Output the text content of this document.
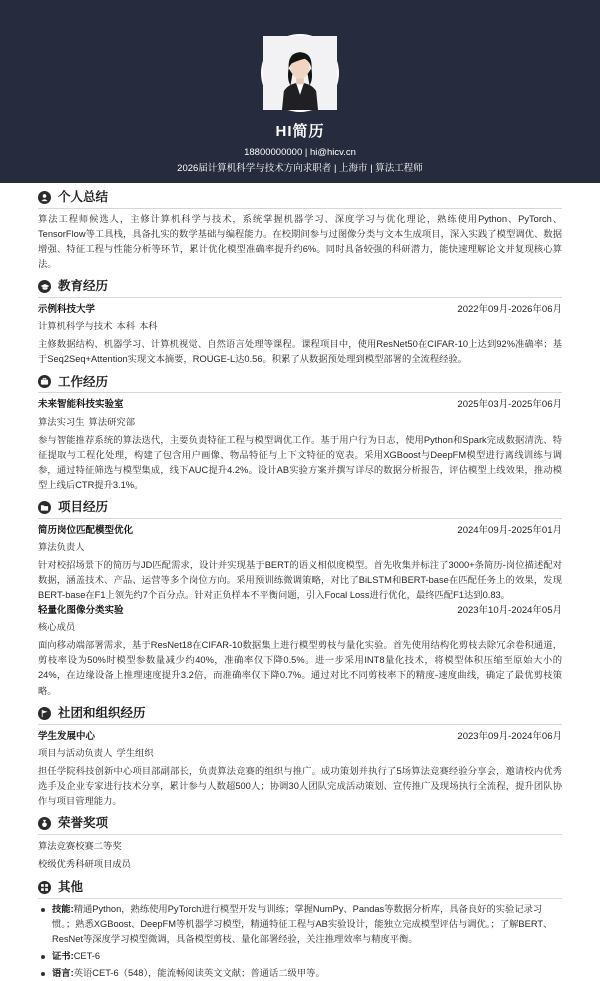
HI简历
18800000000 | hi@hicv.cn
2026届计算机科学与技术方向求职者 | 上海市 | 算法工程师
个人总结
算法工程师候选人，主修计算机科学与技术，系统掌握机器学习、深度学习与优化理论，熟练使用Python、PyTorch、TensorFlow等工具栈，具备扎实的数学基础与编程能力。在校期间参与过图像分类与文本生成项目，深入实践了模型调优、数据增强、特征工程与性能分析等环节，累计优化模型准确率提升约6%。同时具备较强的科研潜力，能快速理解论文并复现核心算法。
教育经历
示例科技大学	2022年09月-2026年06月
计算机科学与技术 本科 本科
主修数据结构、机器学习、计算机视觉、自然语言处理等课程。课程项目中，使用ResNet50在CIFAR-10上达到92%准确率；基于Seq2Seq+Attention实现文本摘要，ROUGE-L达0.56。积累了从数据预处理到模型部署的全流程经验。
工作经历
未来智能科技实验室	2025年03月-2025年06月
算法实习生 算法研究部
参与智能推荐系统的算法迭代，主要负责特征工程与模型调优工作。基于用户行为日志，使用Python和Spark完成数据清洗、特征提取与工程化处理，构建了包含用户画像、物品特征与上下文特征的宽表。采用XGBoost与DeepFM模型进行离线训练与调参，通过特征筛选与模型集成，线下AUC提升4.2%。设计AB实验方案并撰写详尽的数据分析报告，评估模型上线效果，推动模型上线后CTR提升3.1%。
项目经历
简历岗位匹配模型优化	2024年09月-2025年01月
算法负责人
针对校招场景下的简历与JD匹配需求，设计并实现基于BERT的语义相似度模型。首先收集并标注了3000+条简历-岗位描述配对数据，涵盖技术、产品、运营等多个岗位方向。采用预训练微调策略，对比了BiLSTM和BERT-base在匹配任务上的效果，发现BERT-base在F1上领先约7个百分点。针对正负样本不平衡问题，引入Focal Loss进行优化，最终匹配F1达到0.83。
轻量化图像分类实验	2023年10月-2024年05月
核心成员
面向移动端部署需求，基于ResNet18在CIFAR-10数据集上进行模型剪枝与量化实验。首先使用结构化剪枝去除冗余卷积通道，剪枝率设为50%时模型参数量减少约40%，准确率仅下降0.5%。进一步采用INT8量化技术，将模型体积压缩至原始大小的24%，在边缘设备上推理速度提升3.2倍，而准确率仅下降0.7%。通过对比不同剪枝率下的精度-速度曲线，确定了最优剪枝策略。
社团和组织经历
学生发展中心	2023年09月-2024年06月
项目与活动负责人 学生组织
担任学院科技创新中心项目部副部长，负责算法竞赛的组织与推广。成功策划并执行了5场算法竞赛经验分享会，邀请校内优秀选手及企业专家进行技术分享，累计参与人数超500人；协调30人团队完成活动策划、宣传推广及现场执行全流程，提升团队协作与项目管理能力。
荣誉奖项
算法竞赛校赛二等奖
校级优秀科研项目成员
其他
技能:精通Python，熟练使用PyTorch进行模型开发与训练；掌握NumPy、Pandas等数据分析库，具备良好的实验记录习惯。；熟悉XGBoost、DeepFM等机器学习模型，精通特征工程与AB实验设计，能独立完成模型评估与调优。；了解BERT、ResNet等深度学习模型微调，具备模型剪枝、量化部署经验，关注推理效率与精度平衡。
证书:CET-6
语言:英语CET-6（548），能流畅阅读英文文献；普通话二级甲等。
